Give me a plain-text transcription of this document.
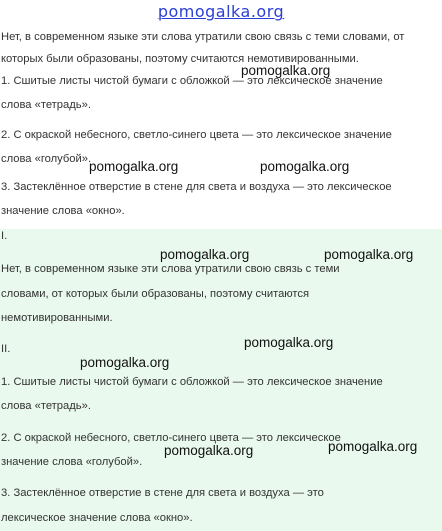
pomogalka.org
Нет, в современном языке эти слова утратили свою связь с теми словами, от
которых были образованы, поэтому считаются немотивированными.
1. Сшитые листы чистой бумаги с обложкой — это лексическое значение
слова «тетрадь».
2. С окраской небесного, светло-синего цвета — это лексическое значение
слова «голубой».
3. Застеклённое отверстие в стене для света и воздуха — это лексическое
значение слова «окно».
I.
Нет, в современном языке эти слова утратили свою связь с теми
словами, от которых были образованы, поэтому считаются
немотивированными.
II.
1. Сшитые листы чистой бумаги с обложкой — это лексическое значение
слова «тетрадь».
2. С окраской небесного, светло-синего цвета — это лексическое
значение слова «голубой».
3. Застеклённое отверстие в стене для света и воздуха — это
лексическое значение слова «окно».
pomogalka.org
pomogalka.org	pomogalka.org
pomogalka.org	pomogalka.org
pomogalka.org
pomogalka.org
pomogalka.org	pomogalka.org
